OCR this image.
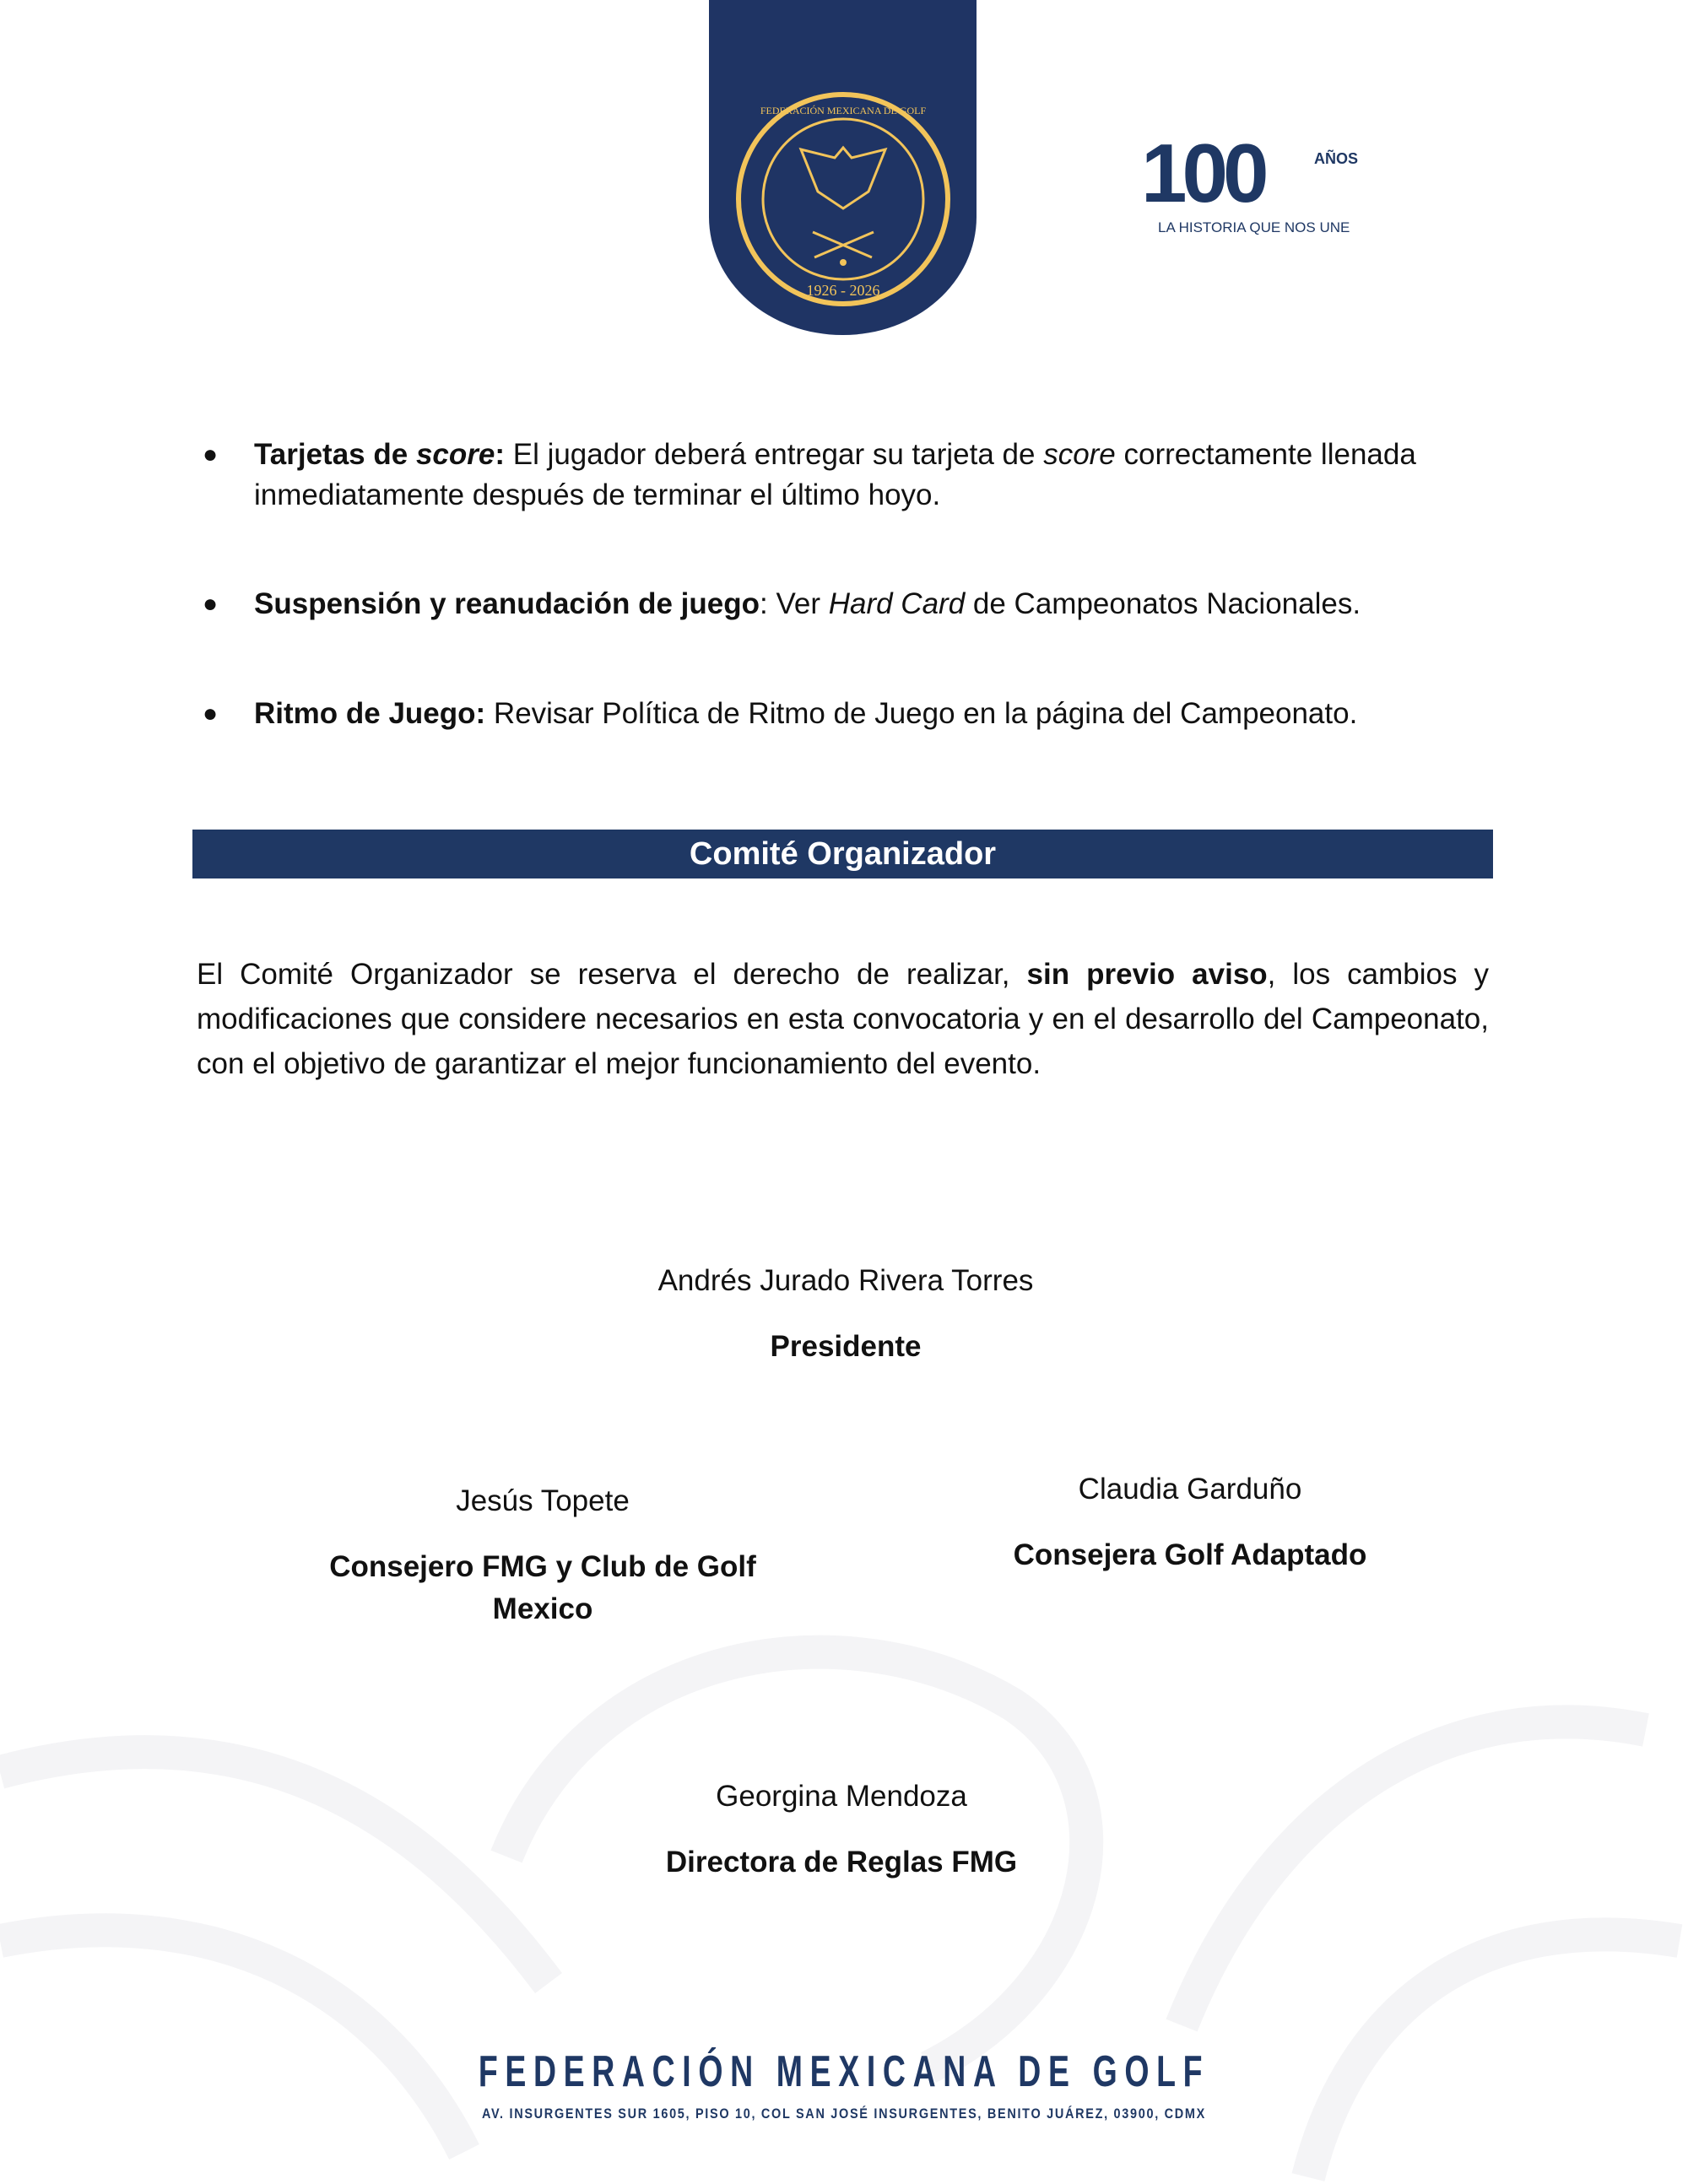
1926 - 2026
FEDERACIÓN MEXICANA DE GOLF
100	AÑOS
LA HISTORIA QUE NOS UNE
● Tarjetas de score: El jugador deberá entregar su tarjeta de score correctamente llenada inmediatamente después de terminar el último hoyo.
● Suspensión y reanudación de juego: Ver Hard Card de Campeonatos Nacionales.
● Ritmo de Juego: Revisar Política de Ritmo de Juego en la página del Campeonato.
Comité Organizador
El Comité Organizador se reserva el derecho de realizar, sin previo aviso, los cambios y modificaciones que considere necesarios en esta convocatoria y en el desarrollo del Campeonato, con el objetivo de garantizar el mejor funcionamiento del evento.
Andrés Jurado Rivera Torres
Presidente
Jesús Topete
Consejero FMG y Club de Golf
Mexico
Claudia Garduño
Consejera Golf Adaptado
Georgina Mendoza
Directora de Reglas FMG
FEDERACIÓN MEXICANA DE GOLF
AV. INSURGENTES SUR 1605, PISO 10, COL SAN JOSÉ INSURGENTES, BENITO JUÁREZ, 03900, CDMX
